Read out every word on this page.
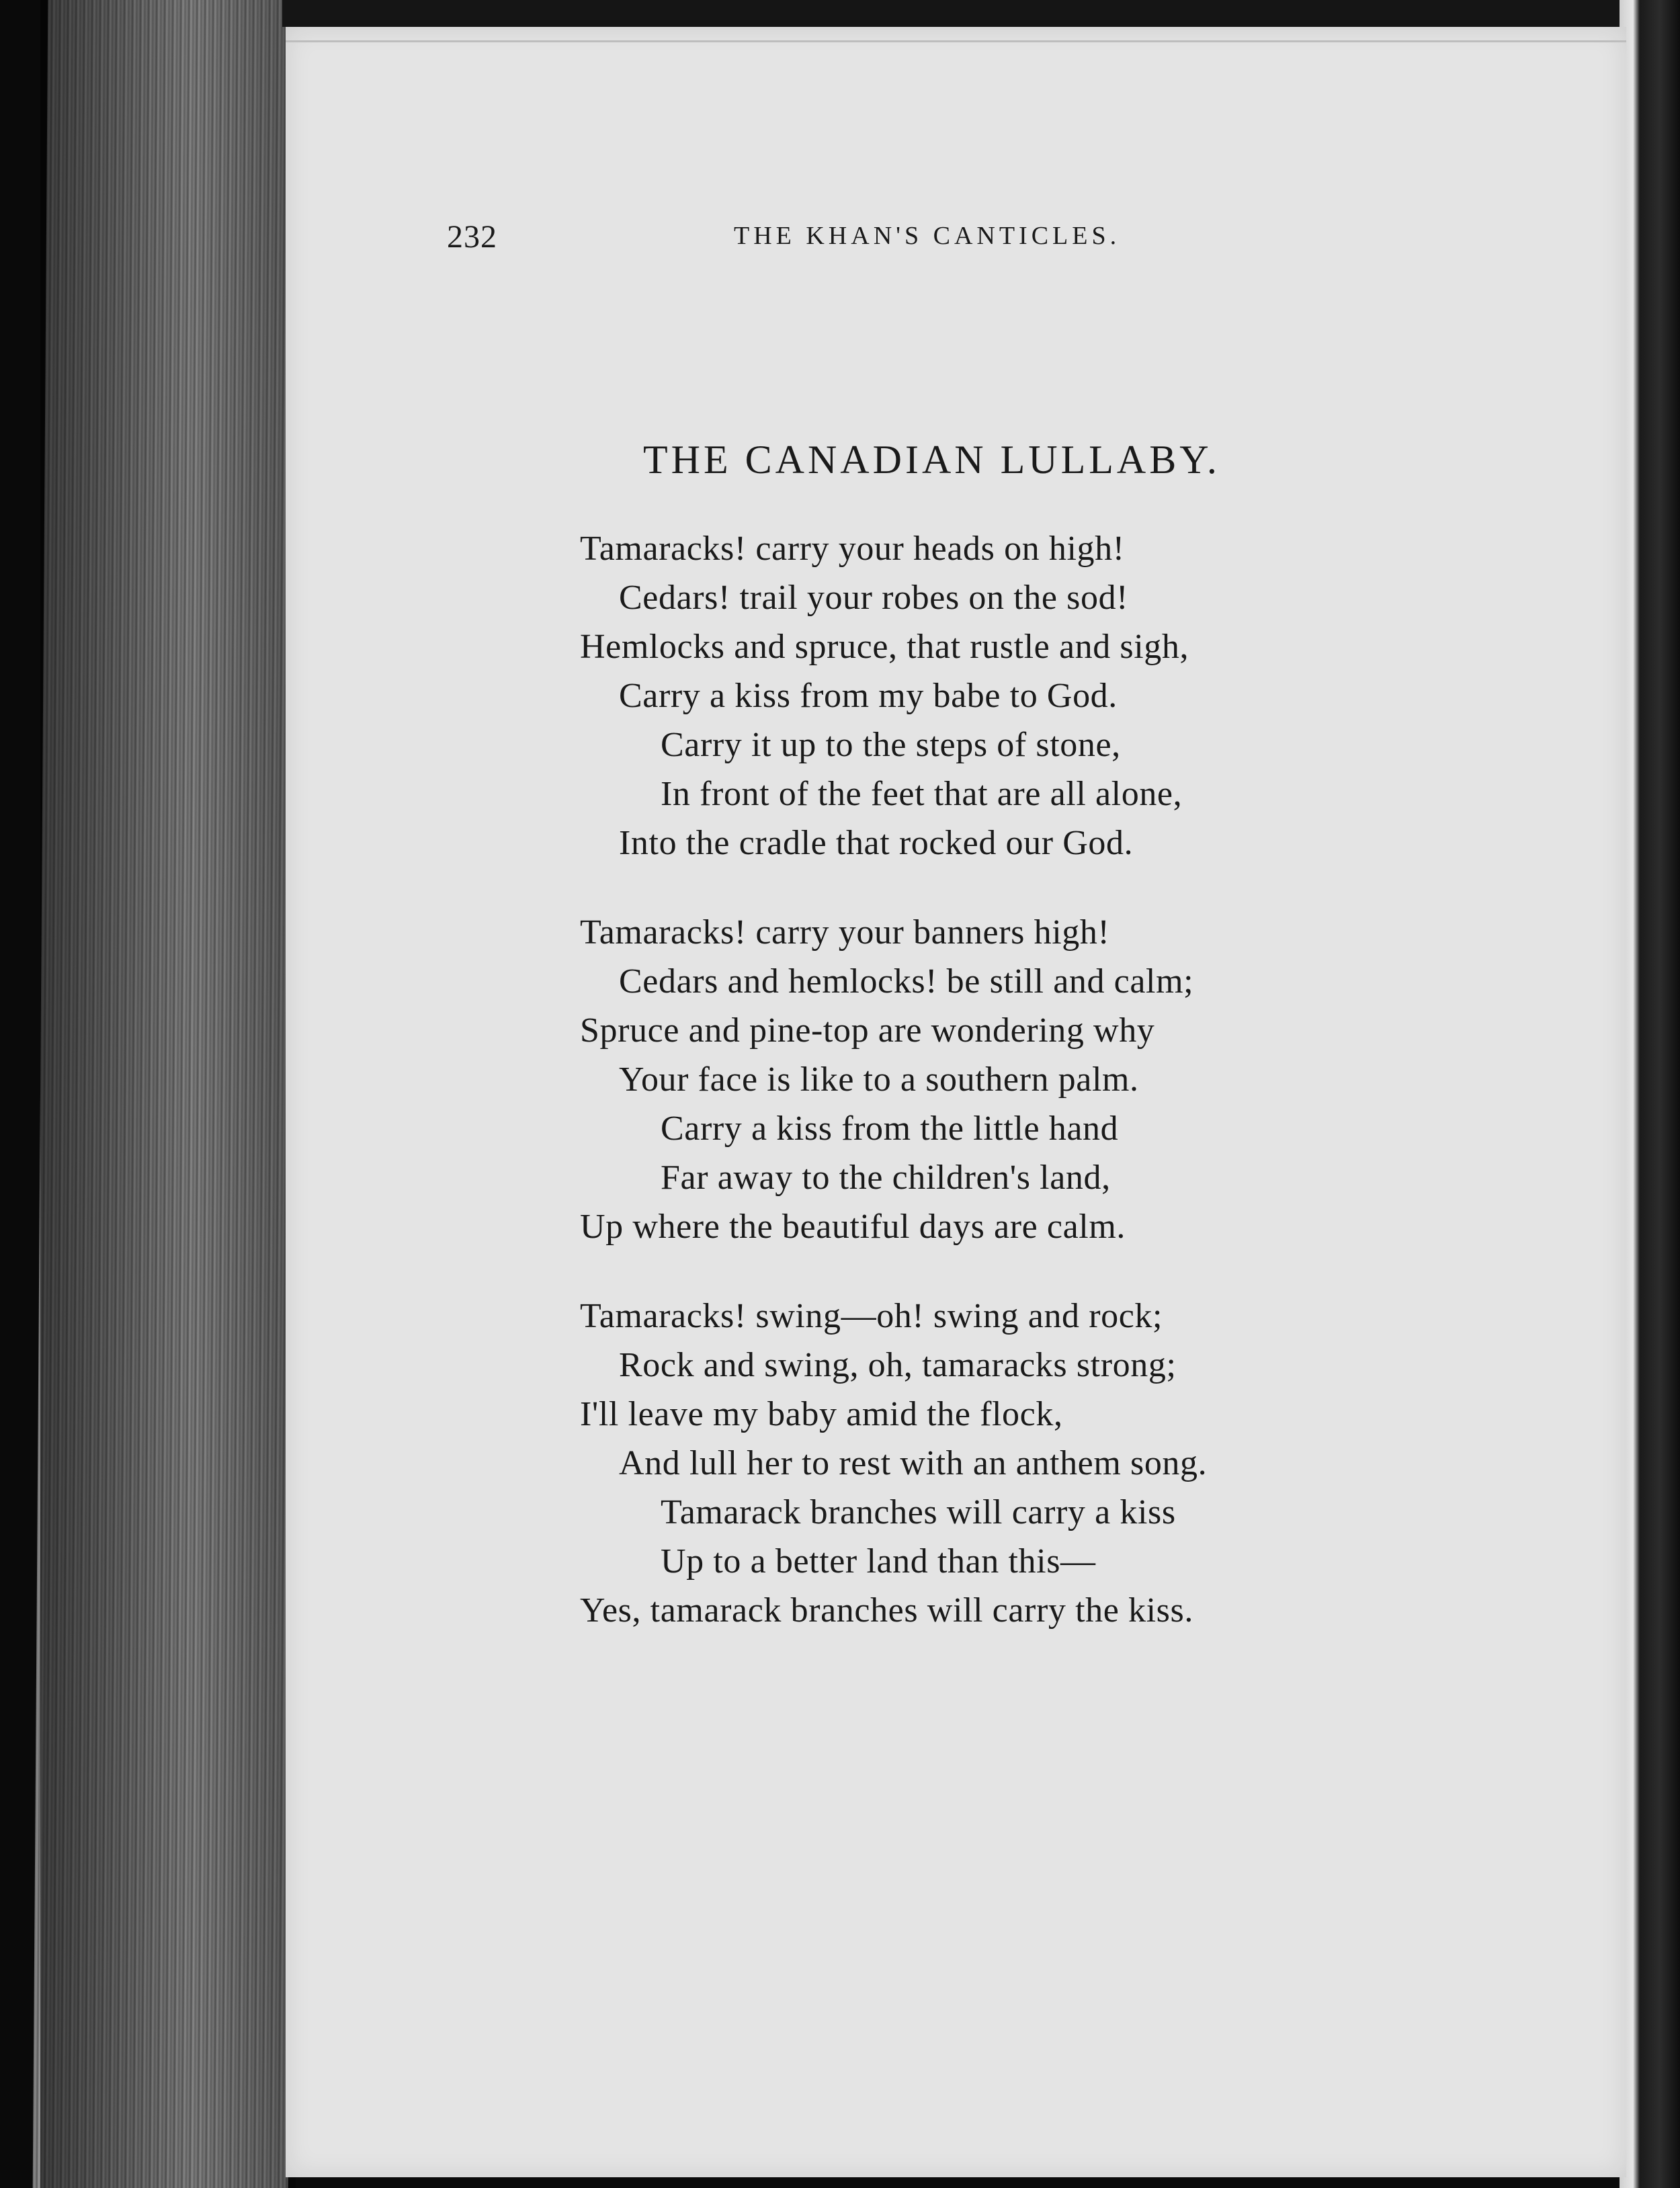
232	THE KHAN'S CANTICLES.
THE CANADIAN LULLABY.
Tamaracks! carry your heads on high!
Cedars! trail your robes on the sod!
Hemlocks and spruce, that rustle and sigh,
Carry a kiss from my babe to God.
Carry it up to the steps of stone,
In front of the feet that are all alone,
Into the cradle that rocked our God.
Tamaracks! carry your banners high!
Cedars and hemlocks! be still and calm;
Spruce and pine-top are wondering why
Your face is like to a southern palm.
Carry a kiss from the little hand
Far away to the children's land,
Up where the beautiful days are calm.
Tamaracks! swing—oh! swing and rock;
Rock and swing, oh, tamaracks strong;
I'll leave my baby amid the flock,
And lull her to rest with an anthem song.
Tamarack branches will carry a kiss
Up to a better land than this—
Yes, tamarack branches will carry the kiss.
